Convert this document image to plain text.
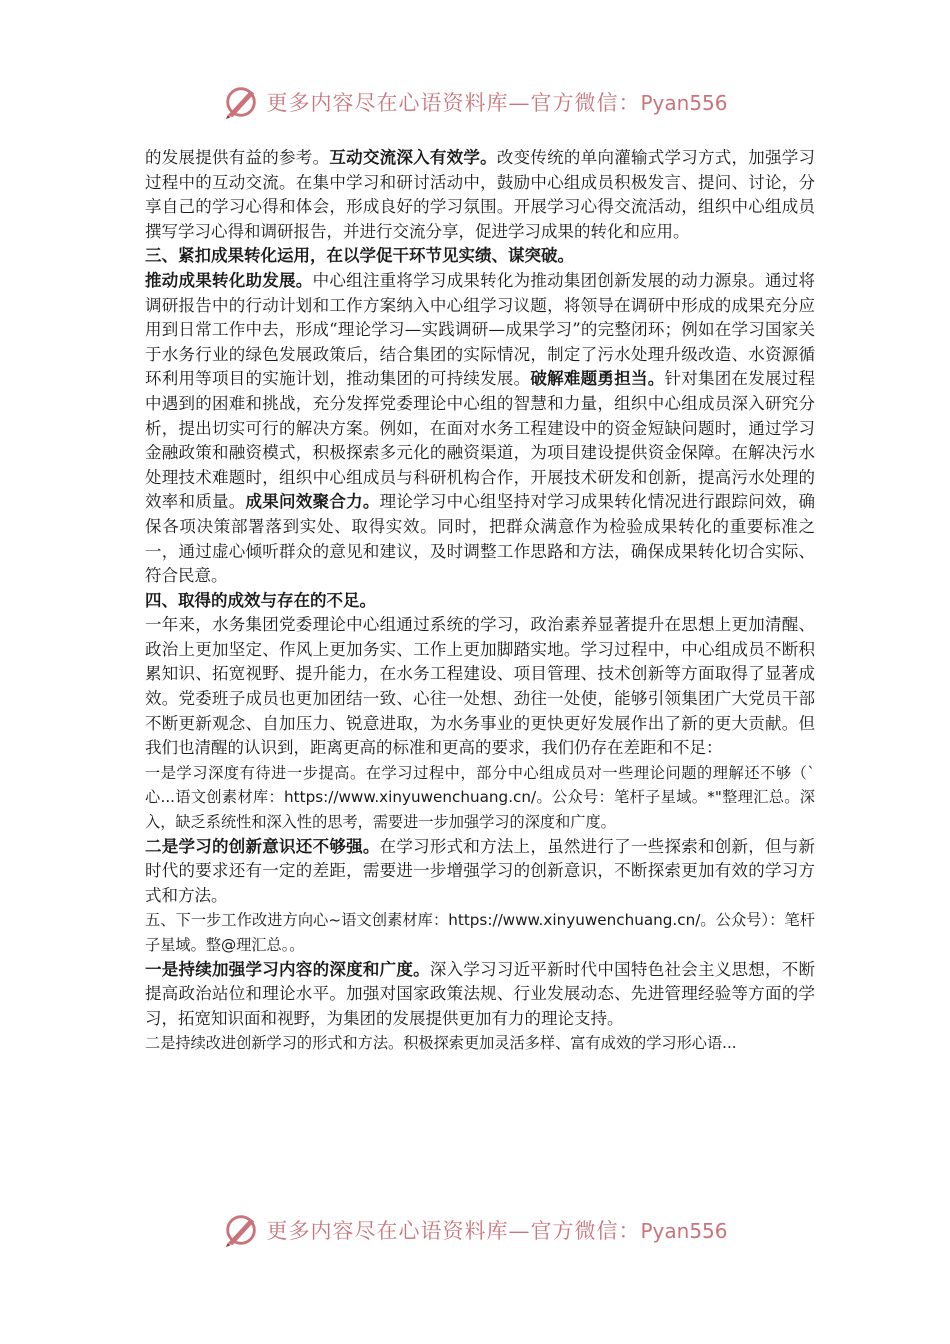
更多内容尽在心语资料库—官方微信：Pyan556

的发展提供有益的参考。互动交流深入有效学。改变传统的单向灌输式学习方式，加强学习过程中的互动交流。在集中学习和研讨活动中，鼓励中心组成员积极发言、提问、讨论，分享自己的学习心得和体会，形成良好的学习氛围。开展学习心得交流活动，组织中心组成员撰写学习心得和调研报告，并进行交流分享，促进学习成果的转化和应用。

三、紧扣成果转化运用，在以学促干环节见实绩、谋突破。

推动成果转化助发展。中心组注重将学习成果转化为推动集团创新发展的动力源泉。通过将调研报告中的行动计划和工作方案纳入中心组学习议题，将领导在调研中形成的成果充分应用到日常工作中去，形成“理论学习—实践调研—成果学习”的完整闭环；例如在学习国家关于水务行业的绿色发展政策后，结合集团的实际情况，制定了污水处理升级改造、水资源循环利用等项目的实施计划，推动集团的可持续发展。破解难题勇担当。针对集团在发展过程中遇到的困难和挑战，充分发挥党委理论中心组的智慧和力量，组织中心组成员深入研究分析，提出切实可行的解决方案。例如，在面对水务工程建设中的资金短缺问题时，通过学习金融政策和融资模式，积极探索多元化的融资渠道，为项目建设提供资金保障。在解决污水处理技术难题时，组织中心组成员与科研机构合作，开展技术研发和创新，提高污水处理的效率和质量。成果问效聚合力。理论学习中心组坚持对学习成果转化情况进行跟踪问效，确保各项决策部署落到实处、取得实效。同时，把群众满意作为检验成果转化的重要标准之一，通过虚心倾听群众的意见和建议，及时调整工作思路和方法，确保成果转化切合实际、符合民意。

四、取得的成效与存在的不足。

一年来，水务集团党委理论中心组通过系统的学习，政治素养显著提升在思想上更加清醒、政治上更加坚定、作风上更加务实、工作上更加脚踏实地。学习过程中，中心组成员不断积累知识、拓宽视野、提升能力，在水务工程建设、项目管理、技术创新等方面取得了显著成效。党委班子成员也更加团结一致、心往一处想、劲往一处使，能够引领集团广大党员干部不断更新观念、自加压力、锐意进取，为水务事业的更快更好发展作出了新的更大贡献。但我们也清醒的认识到，距离更高的标准和更高的要求，我们仍存在差距和不足：

一是学习深度有待进一步提高。在学习过程中，部分中心组成员对一些理论问题的理解还不够（`心...语文创素材库：https://www.xinyuwenchuang.cn/。公众号：笔杆子星域。*"整理汇总。深入，缺乏系统性和深入性的思考，需要进一步加强学习的深度和广度。

二是学习的创新意识还不够强。在学习形式和方法上，虽然进行了一些探索和创新，但与新时代的要求还有一定的差距，需要进一步增强学习的创新意识，不断探索更加有效的学习方式和方法。

五、下一步工作改进方向心~语文创素材库：https://www.xinyuwenchuang.cn/。公众号）：笔杆子星域。整@理汇总。。

一是持续加强学习内容的深度和广度。深入学习习近平新时代中国特色社会主义思想，不断提高政治站位和理论水平。加强对国家政策法规、行业发展动态、先进管理经验等方面的学习，拓宽知识面和视野，为集团的发展提供更加有力的理论支持。

二是持续改进创新学习的形式和方法。积极探索更加灵活多样、富有成效的学习形心语...

更多内容尽在心语资料库—官方微信：Pyan556
